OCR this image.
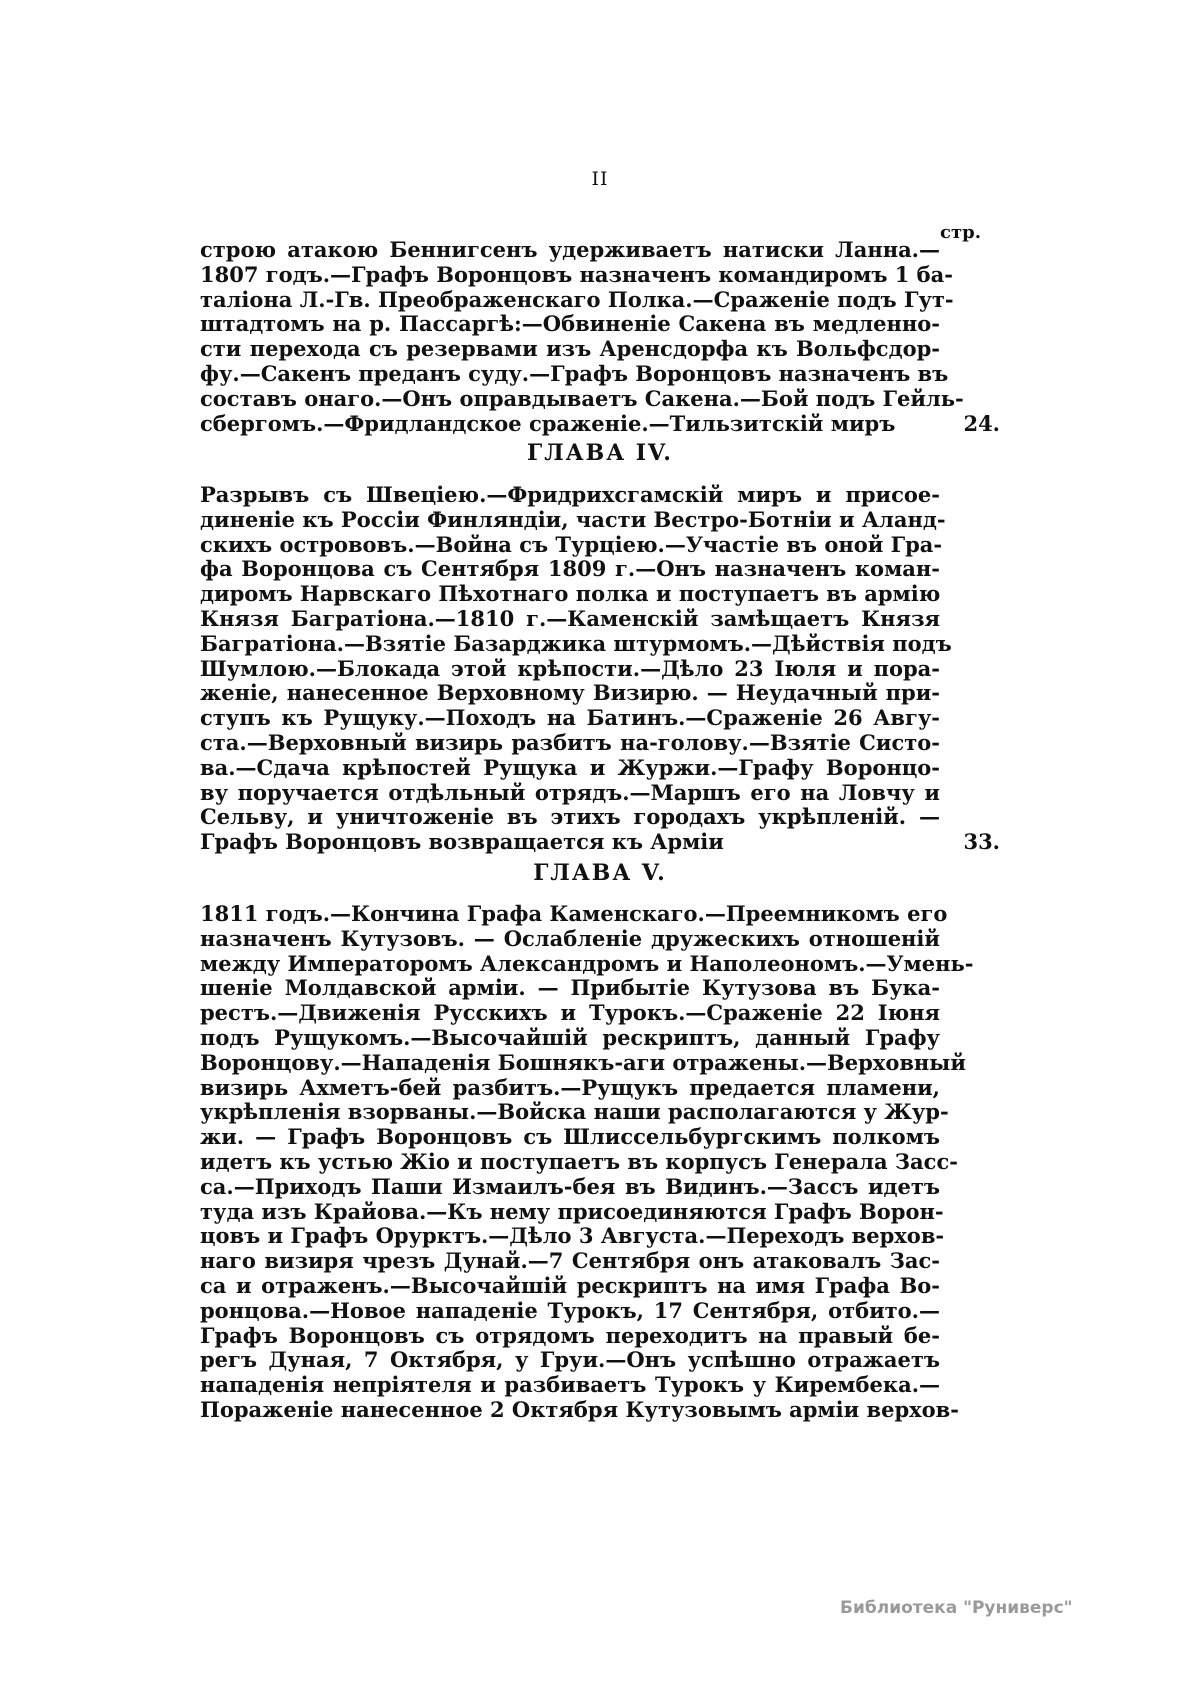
II
стр.
строю атакою Беннигсенъ удерживаетъ натиски Ланна.—
1807 годъ.—Графъ Воронцовъ назначенъ командиромъ 1 ба-
таліона Л.-Гв. Преображенскаго Полка.—Сраженіе подъ Гут-
штадтомъ на р. Пассаргѣ:—Обвиненіе Сакена въ медленно-
сти перехода съ резервами изъ Аренсдорфа къ Вольфсдор-
фу.—Сакенъ преданъ суду.—Графъ Воронцовъ назначенъ въ
составъ онаго.—Онъ оправдываетъ Сакена.—Бой подъ Гейль-
сбергомъ.—Фридландское сраженіе.—Тильзитскій миръ	24.
ГЛАВА IV.
Разрывъ съ Швеціею.—Фридрихсгамскій миръ и присое-
диненіе къ Россіи Финляндіи, части Вестро-Ботніи и Аланд-
скихъ острововъ.—Война съ Турціею.—Участіе въ оной Гра-
фа Воронцова съ Сентября 1809 г.—Онъ назначенъ коман-
диромъ Нарвскаго Пѣхотнаго полка и поступаетъ въ армію
Князя Багратіона.—1810 г.—Каменскій замѣщаетъ Князя
Багратіона.—Взятіе Базарджика штурмомъ.—Дѣйствія подъ
Шумлою.—Блокада этой крѣпости.—Дѣло 23 Іюля и пора-
женіе, нанесенное Верховному Визирю. — Неудачный при-
ступъ къ Рущуку.—Походъ на Батинъ.—Сраженіе 26 Авгу-
ста.—Верховный визирь разбитъ на-голову.—Взятіе Систо-
ва.—Сдача крѣпостей Рущука и Журжи.—Графу Воронцо-
ву поручается отдѣльный отрядъ.—Маршъ его на Ловчу и
Сельву, и уничтоженіе въ этихъ городахъ укрѣпленій. —
Графъ Воронцовъ возвращается къ Арміи	33.
ГЛАВА V.
1811 годъ.—Кончина Графа Каменскаго.—Преемникомъ его
назначенъ Кутузовъ. — Ослабленіе дружескихъ отношеній
между Императоромъ Александромъ и Наполеономъ.—Умень-
шеніе Молдавской арміи. — Прибытіе Кутузова въ Бука-
рестъ.—Движенія Русскихъ и Турокъ.—Сраженіе 22 Іюня
подъ Рущукомъ.—Высочайшій рескриптъ, данный Графу
Воронцову.—Нападенія Бошнякъ-аги отражены.—Верховный
визирь Ахметъ-бей разбитъ.—Рущукъ предается пламени,
укрѣпленія взорваны.—Войска наши располагаются у Жур-
жи. — Графъ Воронцовъ съ Шлиссельбургскимъ полкомъ
идетъ къ устью Жіо и поступаетъ въ корпусъ Генерала Засс-
са.—Приходъ Паши Измаилъ-бея въ Видинъ.—Зассъ идетъ
туда изъ Крайова.—Къ нему присоединяются Графъ Ворон-
цовъ и Графъ Орурктъ.—Дѣло 3 Августа.—Переходъ верхов-
наго визиря чрезъ Дунай.—7 Сентября онъ атаковалъ Зас-
са и отраженъ.—Высочайшій рескриптъ на имя Графа Во-
ронцова.—Новое нападеніе Турокъ, 17 Сентября, отбито.—
Графъ Воронцовъ съ отрядомъ переходитъ на правый бе-
регъ Дуная, 7 Октября, у Груи.—Онъ успѣшно отражаетъ
нападенія непріятеля и разбиваетъ Турокъ у Кирембека.—
Пораженіе нанесенное 2 Октября Кутузовымъ арміи верхов-
Библиотека "Руниверс"
